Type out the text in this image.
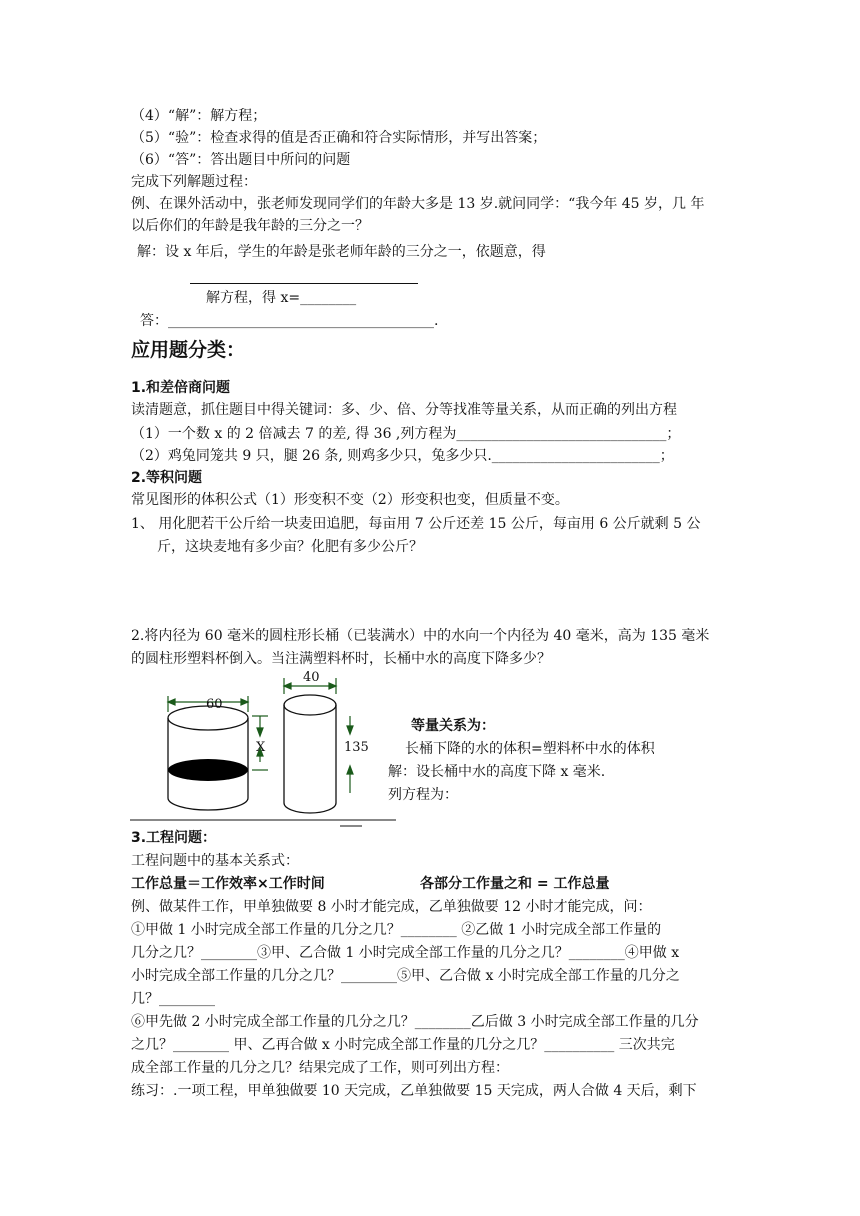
（4）“解”：解方程；
（5）“验”：检查求得的值是否正确和符合实际情形，并写出答案；
（6）“答”：答出题目中所问的问题
完成下列解题过程：
例、在课外活动中，张老师发现同学们的年龄大多是 13 岁.就问同学：“我今年 45 岁，几 年
以后你们的年龄是我年龄的三分之一？
解：设 x 年后，学生的年龄是张老师年龄的三分之一，依题意，得
解方程，得 x=________
答：______________________________________.
应用题分类：
1.和差倍商问题
读清题意，抓住题目中得关键词：多、少、倍、分等找准等量关系，从而正确的列出方程
（1）一个数 x 的 2 倍减去 7 的差, 得 36 ,列方程为______________________________；
（2）鸡兔同笼共 9 只，腿 26 条, 则鸡多少只，兔多少只.________________________；
2.等积问题
常见图形的体积公式（1）形变积不变（2）形变积也变，但质量不变。
1、 用化肥若干公斤给一块麦田追肥，每亩用 7 公斤还差 15 公斤，每亩用 6 公斤就剩 5 公
斤，这块麦地有多少亩？化肥有多少公斤？
2.将内径为 60 毫米的圆柱形长桶（已装满水）中的水向一个内径为 40 毫米，高为 135 毫米
的圆柱形塑料杯倒入。当注满塑料杯时，长桶中水的高度下降多少？
60
40
X	135
等量关系为：
长桶下降的水的体积=塑料杯中水的体积
解：设长桶中水的高度下降 x 毫米.
列方程为：
3.工程问题：
工程问题中的基本关系式：
工作总量＝工作效率×工作时间	各部分工作量之和 = 工作总量
例、做某件工作，甲单独做要 8 小时才能完成，乙单独做要 12 小时才能完成，问：
①甲做 1 小时完成全部工作量的几分之几？________ ②乙做 1 小时完成全部工作量的
几分之几？________③甲、乙合做 1 小时完成全部工作量的几分之几？________④甲做 x
小时完成全部工作量的几分之几？________⑤甲、乙合做 x 小时完成全部工作量的几分之
几？________
⑥甲先做 2 小时完成全部工作量的几分之几？________乙后做 3 小时完成全部工作量的几分
之几？________ 甲、乙再合做 x 小时完成全部工作量的几分之几？__________ 三次共完
成全部工作量的几分之几？结果完成了工作，则可列出方程：
练习：.一项工程，甲单独做要 10 天完成，乙单独做要 15 天完成，两人合做 4 天后，剩下
